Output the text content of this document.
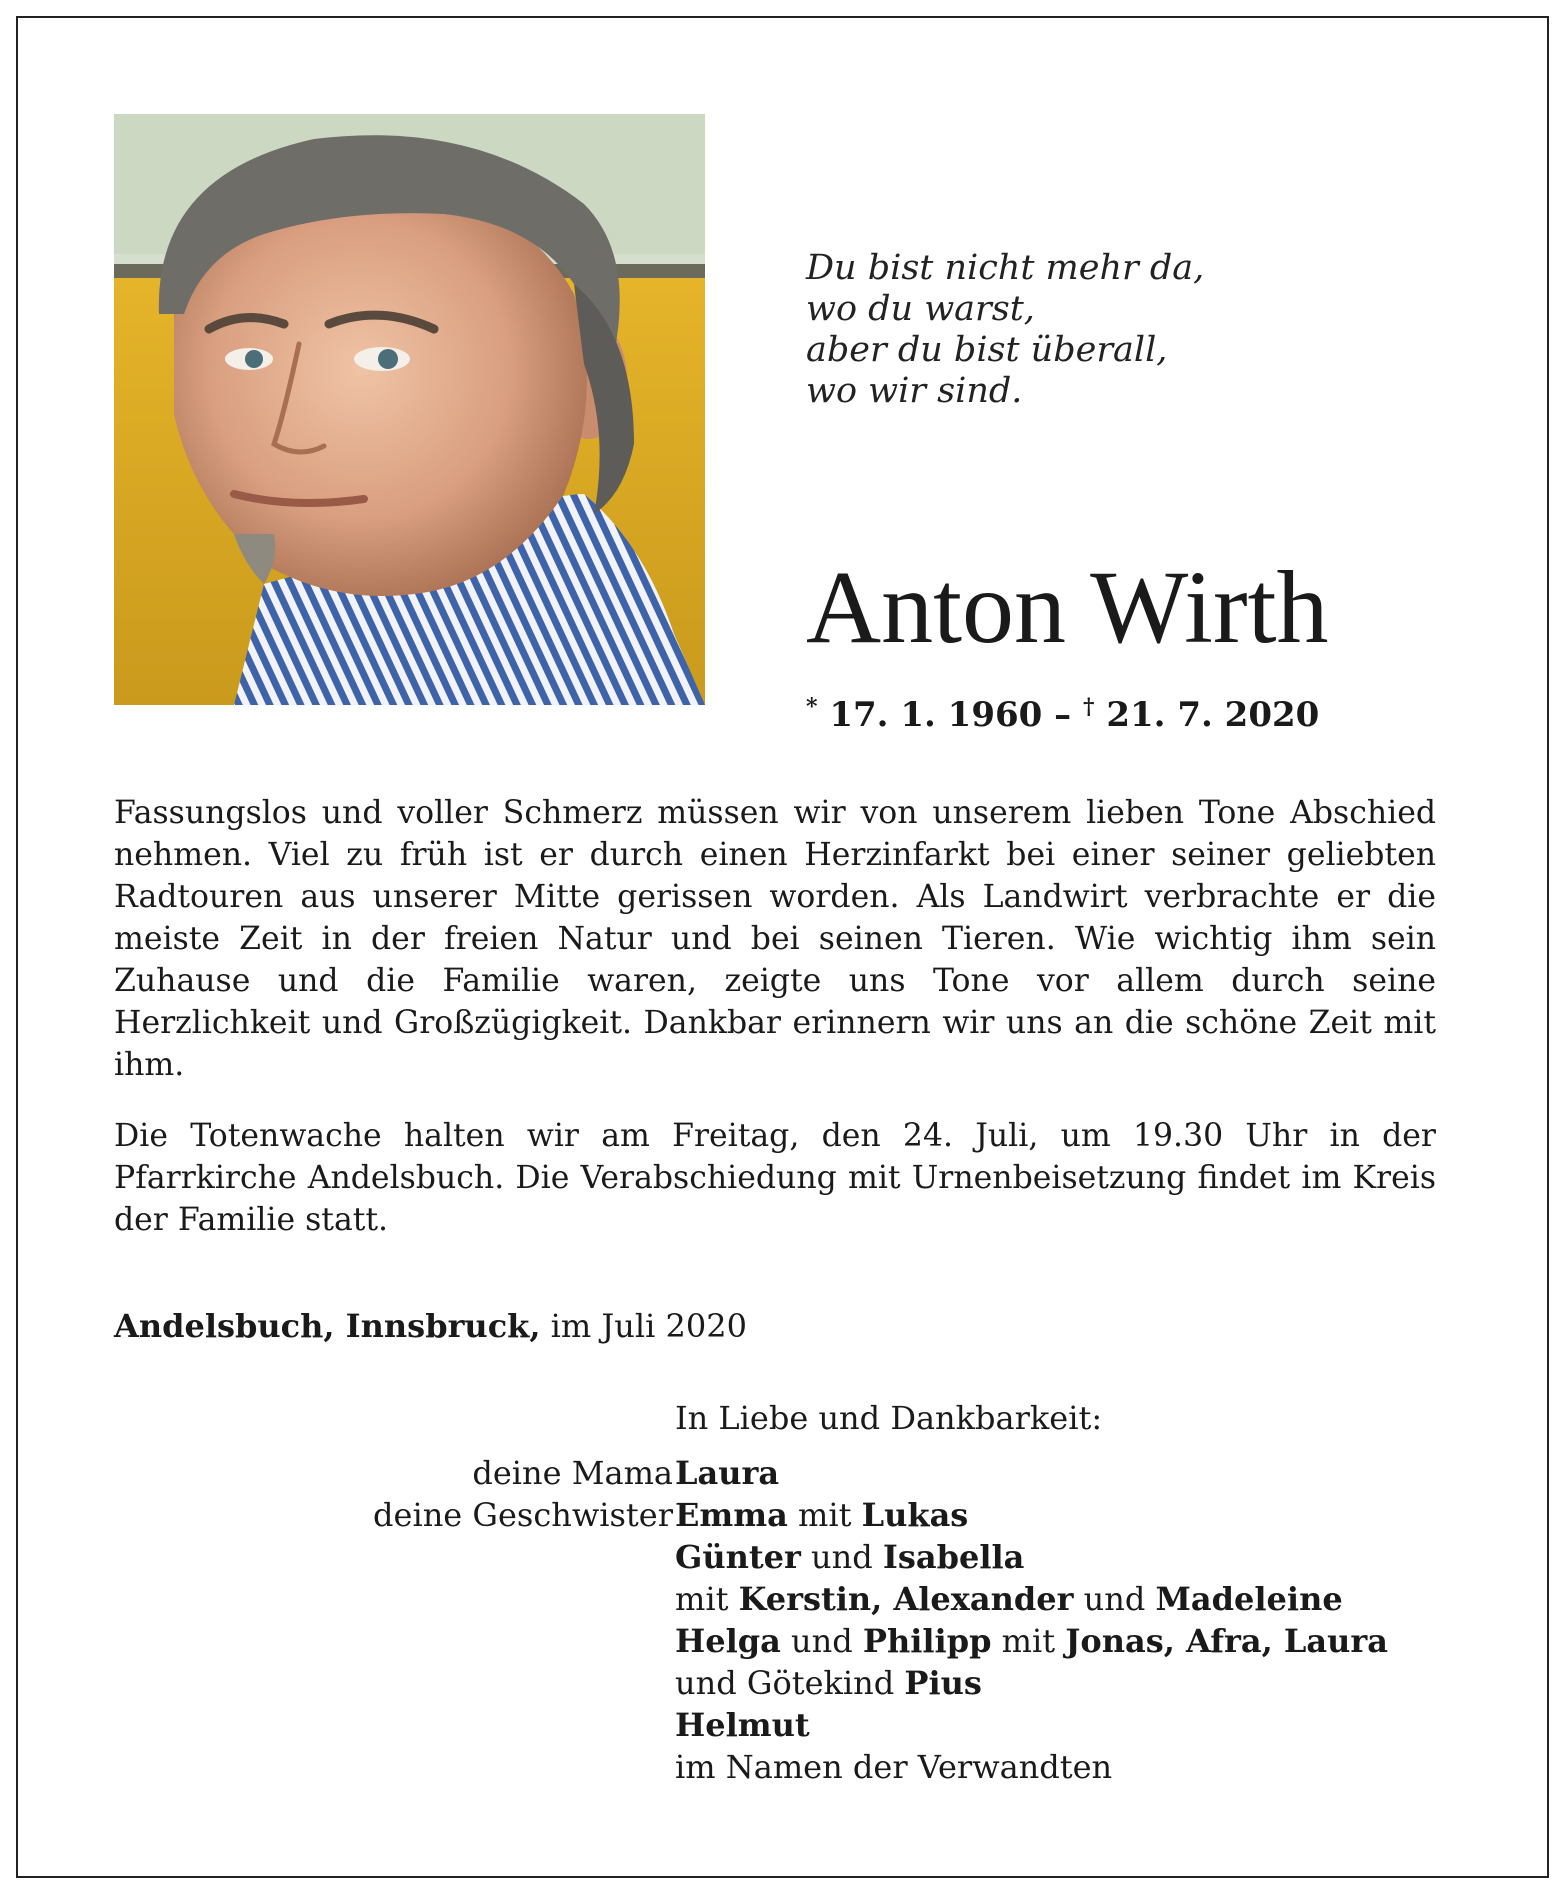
Du bist nicht mehr da,
wo du warst,
aber du bist überall,
wo wir sind.
Anton Wirth
* 17. 1. 1960 – † 21. 7. 2020
Fassungslos und voller Schmerz müssen wir von unserem lieben Tone Abschied nehmen. Viel zu früh ist er durch einen Herzinfarkt bei einer seiner geliebten Radtouren aus unserer Mitte gerissen worden. Als Landwirt verbrachte er die meiste Zeit in der freien Natur und bei seinen Tieren. Wie wichtig ihm sein Zuhause und die Familie waren, zeigte uns Tone vor allem durch seine Herzlichkeit und Großzügigkeit. Dankbar erinnern wir uns an die schöne Zeit mit ihm.
Die Totenwache halten wir am Freitag, den 24. Juli, um 19.30 Uhr in der Pfarrkirche Andelsbuch. Die Verabschiedung mit Urnenbeisetzung findet im Kreis der Familie statt.
Andelsbuch, Innsbruck, im Juli 2020
In Liebe und Dankbarkeit:
deine Mama Laura
deine Geschwister Emma mit Lukas
Günter und Isabella
mit Kerstin, Alexander und Madeleine
Helga und Philipp mit Jonas, Afra, Laura
und Götekind Pius
Helmut
im Namen der Verwandten
